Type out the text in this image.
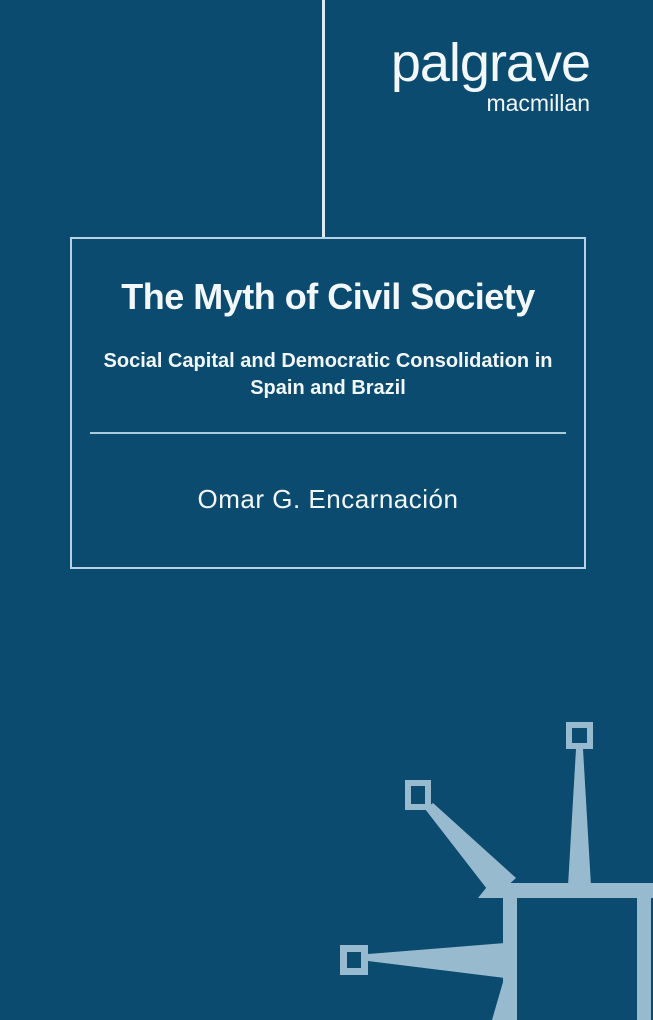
palgrave
macmillan
The Myth of Civil Society
Social Capital and Democratic Consolidation in Spain and Brazil
Omar G. Encarnación
